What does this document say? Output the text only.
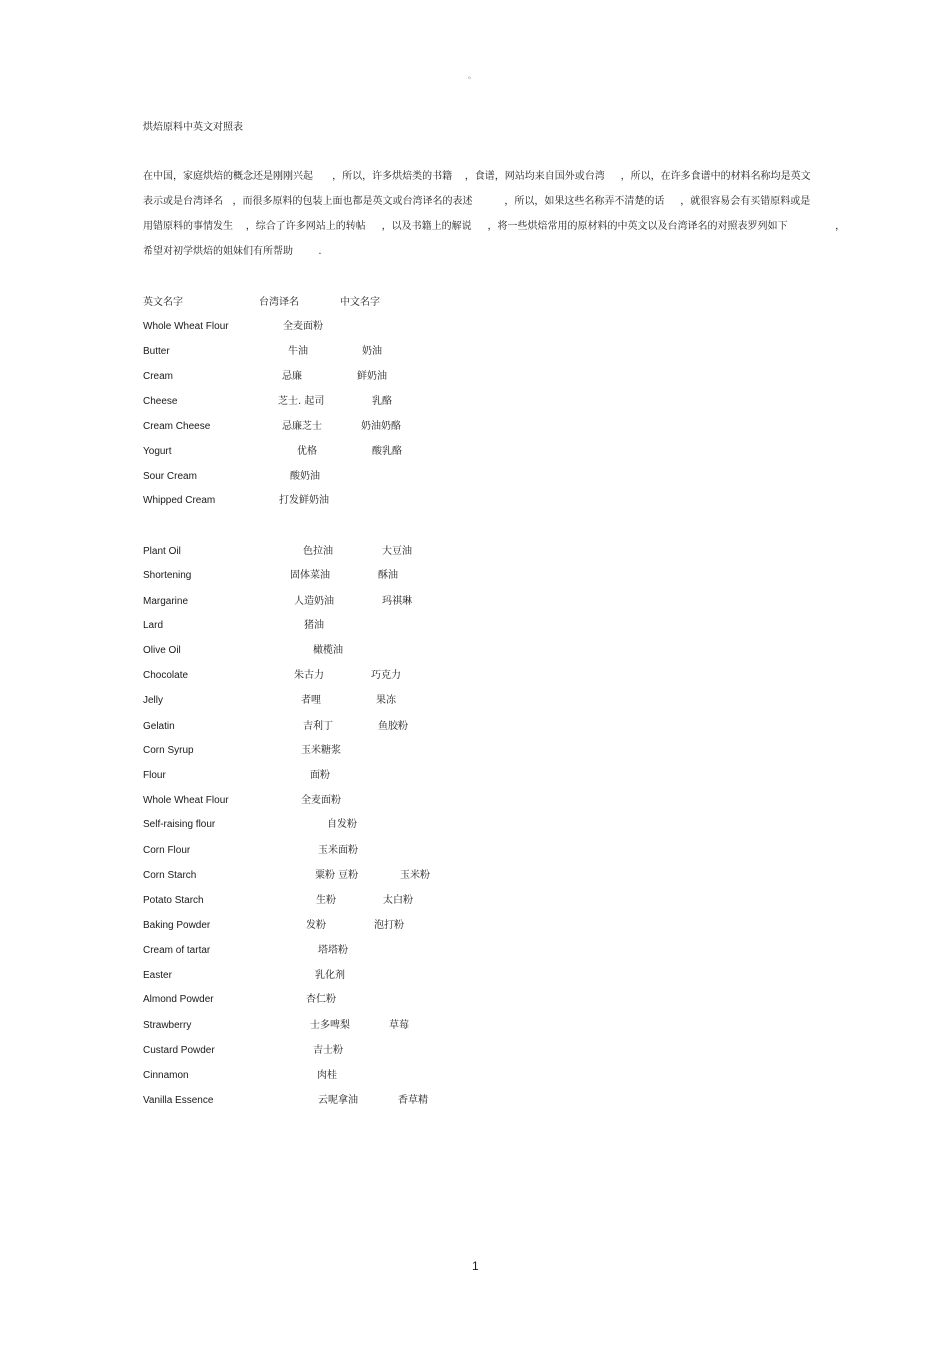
。
烘焙原料中英文对照表
在中国，家庭烘焙的概念还是刚刚兴起      ，所以，许多烘焙类的书籍    ，食谱，网站均来自国外或台湾     ，所以，在许多食谱中的材料名称均是英文
表示或是台湾译名   ，而很多原料的包装上面也都是英文或台湾译名的表述          ，所以，如果这些名称弄不清楚的话     ，就很容易会有买错原料或是
用错原料的事情发生    ，综合了许多网站上的转帖     ，以及书籍上的解说     ，将一些烘焙常用的原材料的中英文以及台湾译名的对照表罗列如下               ，
希望对初学烘焙的姐妹们有所帮助        .
英文名字	台湾译名	中文名字
Whole Wheat Flour	全麦面粉
Butter	牛油	奶油
Cream	忌廉	鲜奶油
Cheese	芝士. 起司	乳酪
Cream Cheese	忌廉芝士	奶油奶酪
Yogurt	优格	酸乳酪
Sour Cream	酸奶油
Whipped Cream	打发鲜奶油
Plant Oil	色拉油	大豆油
Shortening	固体菜油	酥油
Margarine	人造奶油	玛祺琳
Lard	猪油
Olive Oil	橄榄油
Chocolate	朱古力	巧克力
Jelly	者哩	果冻
Gelatin	吉利丁	鱼胶粉
Corn Syrup	玉米糖浆
Flour	面粉
Whole Wheat Flour	全麦面粉
Self-raising flour	自发粉
Corn Flour	玉米面粉
Corn Starch	粟粉 豆粉	玉米粉
Potato Starch	生粉	太白粉
Baking Powder	发粉	泡打粉
Cream of tartar	塔塔粉
Easter	乳化剂
Almond Powder	杏仁粉
Strawberry	士多啤梨	草莓
Custard Powder	吉士粉
Cinnamon	肉桂
Vanilla Essence	云呢拿油	香草精
1
